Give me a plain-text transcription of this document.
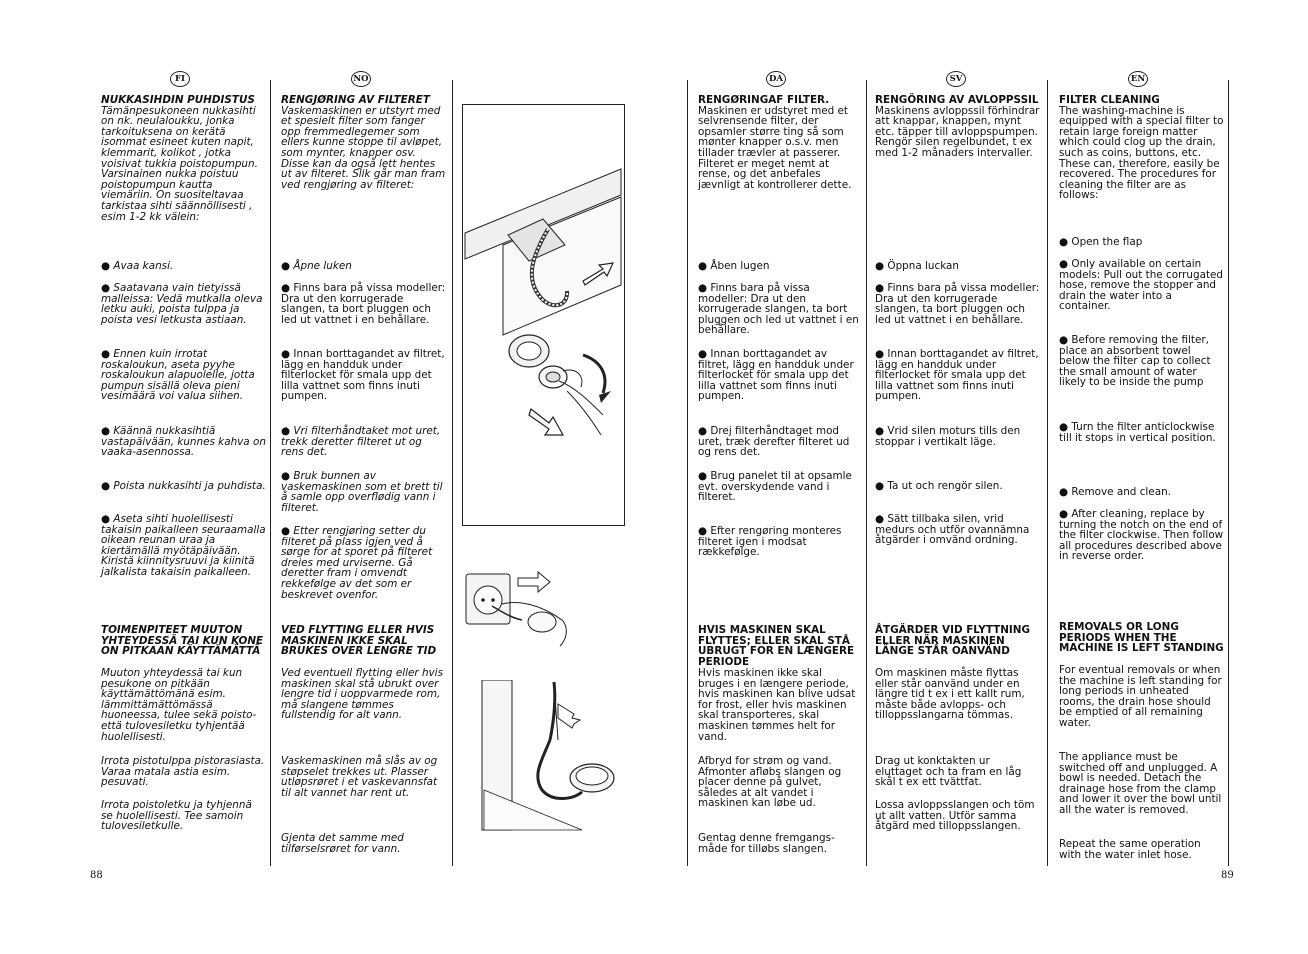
FI	NO	DA	SV	EN
NUKKASIHDIN PUHDISTUS
Tämänpesukoneen nukkasihti on nk. neulaloukku, jonka tarkoituksena on kerätä isommat esineet kuten napit, klemmarit, kolikot , jotka voisivat tukkia poistopumpun. Varsinainen nukka poistuu poistopumpun kautta viemäriin. On suositeltavaa tarkistaa sihti säännöllisesti , esim 1-2 kk välein:
● Avaa kansi.
● Saatavana vain tietyissä malleissa: Vedä mutkalla oleva letku auki, poista tulppa ja poista vesi letkusta astiaan.
● Ennen kuin irrotat roskaloukun, aseta pyyhe roskaloukun alapuolelle, jotta pumpun sisällä oleva pieni vesimäärä voi valua siihen.
● Käännä nukkasihtiä vastapäivään, kunnes kahva on vaaka-asennossa.
● Poista nukkasihti ja puhdista.
● Aseta sihti huolellisesti takaisin paikalleen seuraamalla oikean reunan uraa ja kiertämällä myötäpäivään. Kiristä kiinnitysruuvi ja kiinitä jalkalista takaisin paikalleen.
TOIMENPITEET MUUTON YHTEYDESSÄ TAI KUN KONE ON PITKAAN KÄYTTÄMÄTTÄ
Muuton yhteydessä tai kun pesukone on pitkään käyttämättömänä esim. lämmittämättömässä huoneessa, tulee sekä poisto- että tulovesiletku tyhjentää huolellisesti.
Irrota pistotulppa pistorasiasta. Varaa matala astia esim. pesuvati.
Irrota poistoletku ja tyhjennä se huolellisesti. Tee samoin tulovesiletkulle.
RENGJØRING AV FILTERET
Vaskemaskinen er utstyrt med et spesielt filter som fanger opp fremmedlegemer som ellers kunne stoppe til avløpet, som mynter, knapper osv. Disse kan da også lett hentes ut av filteret. Slik går man fram ved rengjøring av filteret:
● Åpne luken
● Finns bara på vissa modeller: Dra ut den korrugerade slangen, ta bort pluggen och led ut vattnet i en behållare.
● Innan borttagandet av filtret, lägg en handduk under filterlocket för smala upp det lilla vattnet som finns inuti pumpen.
● Vri filterhåndtaket mot uret, trekk deretter filteret ut og rens det.
● Bruk bunnen av vaskemaskinen som et brett til å samle opp overflødig vann i filteret.
● Etter rengjøring setter du filteret på plass igjen ved å sørge for at sporet på filteret dreies med urviserne. Gå deretter fram i omvendt rekkefølge av det som er beskrevet ovenfor.
VED FLYTTING ELLER HVIS MASKINEN IKKE SKAL BRUKES OVER LENGRE TID
Ved eventuell flytting eller hvis maskinen skal stå ubrukt over lengre tid i uoppvarmede rom, må slangene tømmes fullstendig for alt vann.
Vaskemaskinen må slås av og støpselet trekkes ut. Plasser utløpsrøret i et vaskevannsfat til alt vannet har rent ut.
Gjenta det samme med tilførselsrøret for vann.
RENGØRINGAF FILTER.
Maskinen er udstyret med et selvrensende filter, der opsamler større ting så som mønter knapper o.s.v. men tillader trævler at passerer. Filteret er meget nemt at rense, og det anbefales jævnligt at kontrollerer dette.
● Åben lugen
● Finns bara på vissa modeller: Dra ut den korrugerade slangen, ta bort pluggen och led ut vattnet i en behållare.
● Innan borttagandet av filtret, lägg en handduk under filterlocket för smala upp det lilla vattnet som finns inuti pumpen.
● Drej filterhåndtaget mod uret, træk derefter filteret ud og rens det.
● Brug panelet til at opsamle evt. overskydende vand i filteret.
● Efter rengøring monteres filteret igen i modsat rækkefølge.
HVIS MASKINEN SKAL FLYTTES; ELLER SKAL STÅ UBRUGT FOR EN LÆNGERE PERIODE
Hvis maskinen ikke skal bruges i en længere periode, hvis maskinen kan blive udsat for frost, eller hvis maskinen skal transporteres, skal maskinen tømmes helt for vand.
Afbryd for strøm og vand. Afmonter afløbs slangen og placer denne på gulvet, således at alt vandet i maskinen kan løbe ud.
Gentag denne fremgangs-måde for tilløbs slangen.
RENGÖRING AV AVLOPPSSIL
Maskinens avloppssil förhindrar att knappar, knappen, mynt etc. täpper till avloppspumpen. Rengör silen regelbundet, t ex med 1-2 månaders intervaller.
● Öppna luckan
● Finns bara på vissa modeller: Dra ut den korrugerade slangen, ta bort pluggen och led ut vattnet i en behållare.
● Innan borttagandet av filtret, lägg en handduk under filterlocket för smala upp det lilla vattnet som finns inuti pumpen.
● Vrid silen moturs tills den stoppar i vertikalt läge.
● Ta ut och rengör silen.
● Sätt tillbaka silen, vrid medurs och utför ovannämna åtgärder i omvänd ordning.
ÅTGÄRDER VID FLYTTNING ELLER NÄR MASKINEN LÄNGE STÅR OANVÄND
Om maskinen måste flyttas eller står oanvänd under en längre tid t ex i ett kallt rum, måste både avlopps- och tilloppsslangarna tömmas.
Drag ut konktakten ur eluttaget och ta fram en låg skål t ex ett tvättfat.
Lossa avloppsslangen och töm ut allt vatten. Utför samma åtgärd med tilloppsslangen.
FILTER CLEANING
The washing-machine is equipped with a special filter to retain large foreign matter which could clog up the drain, such as coins, buttons, etc. These can, therefore, easily be recovered. The procedures for cleaning the filter are as follows:
● Open the flap
● Only available on certain models: Pull out the corrugated hose, remove the stopper and drain the water into a container.
● Before removing the filter, place an absorbent towel below the filter cap to collect the small amount of water likely to be inside the pump
● Turn the filter anticlockwise till it stops in vertical position.
● Remove and clean.
● After cleaning, replace by turning the notch on the end of the filter clockwise. Then follow all procedures described above in reverse order.
REMOVALS OR LONG PERIODS WHEN THE MACHINE IS LEFT STANDING
For eventual removals or when the machine is left standing for long periods in unheated rooms, the drain hose should be emptied of all remaining water.
The appliance must be switched off and unplugged. A bowl is needed. Detach the drainage hose from the clamp and lower it over the bowl until all the water is removed.
Repeat the same operation with the water inlet hose.
88	89
